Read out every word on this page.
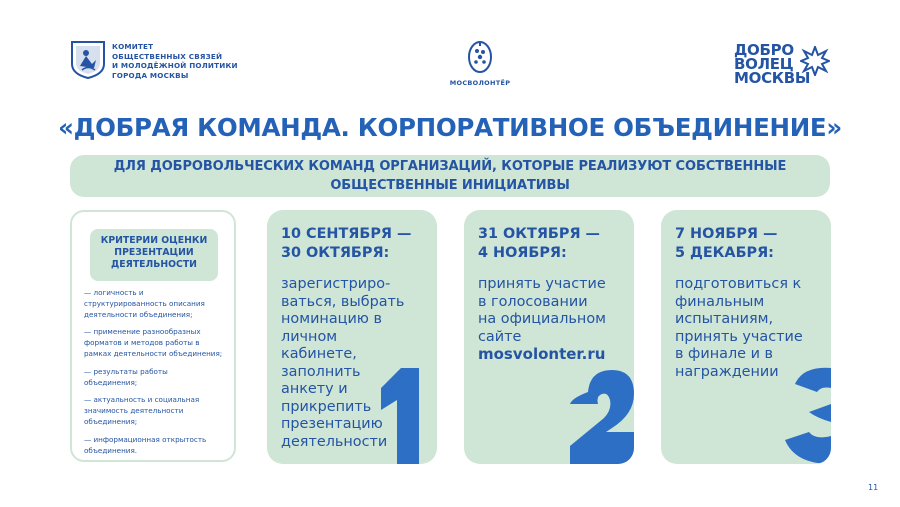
КОМИТЕТ
ОБЩЕСТВЕННЫХ СВЯЗЕЙ
И МОЛОДЁЖНОЙ ПОЛИТИКИ
ГОРОДА МОСКВЫ
МОСВОЛОНТЁР
ДОБРО
ВОЛЕЦ
МОСКВЫ
«ДОБРАЯ КОМАНДА. КОРПОРАТИВНОЕ ОБЪЕДИНЕНИЕ»
ДЛЯ ДОБРОВОЛЬЧЕСКИХ КОМАНД ОРГАНИЗАЦИЙ, КОТОРЫЕ РЕАЛИЗУЮТ СОБСТВЕННЫЕ
ОБЩЕСТВЕННЫЕ ИНИЦИАТИВЫ
КРИТЕРИИ ОЦЕНКИ
ПРЕЗЕНТАЦИИ
ДЕЯТЕЛЬНОСТИ
— логичность и
структурированность описания
деятельности объединения;
— применение разнообразных
форматов и методов работы в
рамках деятельности объединения;
— результаты работы
объединения;
— актуальность и социальная
значимость деятельности
объединения;
— информационная открытость
объединения.
10 СЕНТЯБРЯ —
30 ОКТЯБРЯ:
зарегистриро-
ваться, выбрать
номинацию в
личном
кабинете,
заполнить
анкету и
прикрепить
презентацию
деятельности
31 ОКТЯБРЯ —
4 НОЯБРЯ:
принять участие
в голосовании
на официальном
сайте
mosvolonter.ru
7 НОЯБРЯ —
5 ДЕКАБРЯ:
подготовиться к
финальным
испытаниям,
принять участие
в финале и в
награждении
11
